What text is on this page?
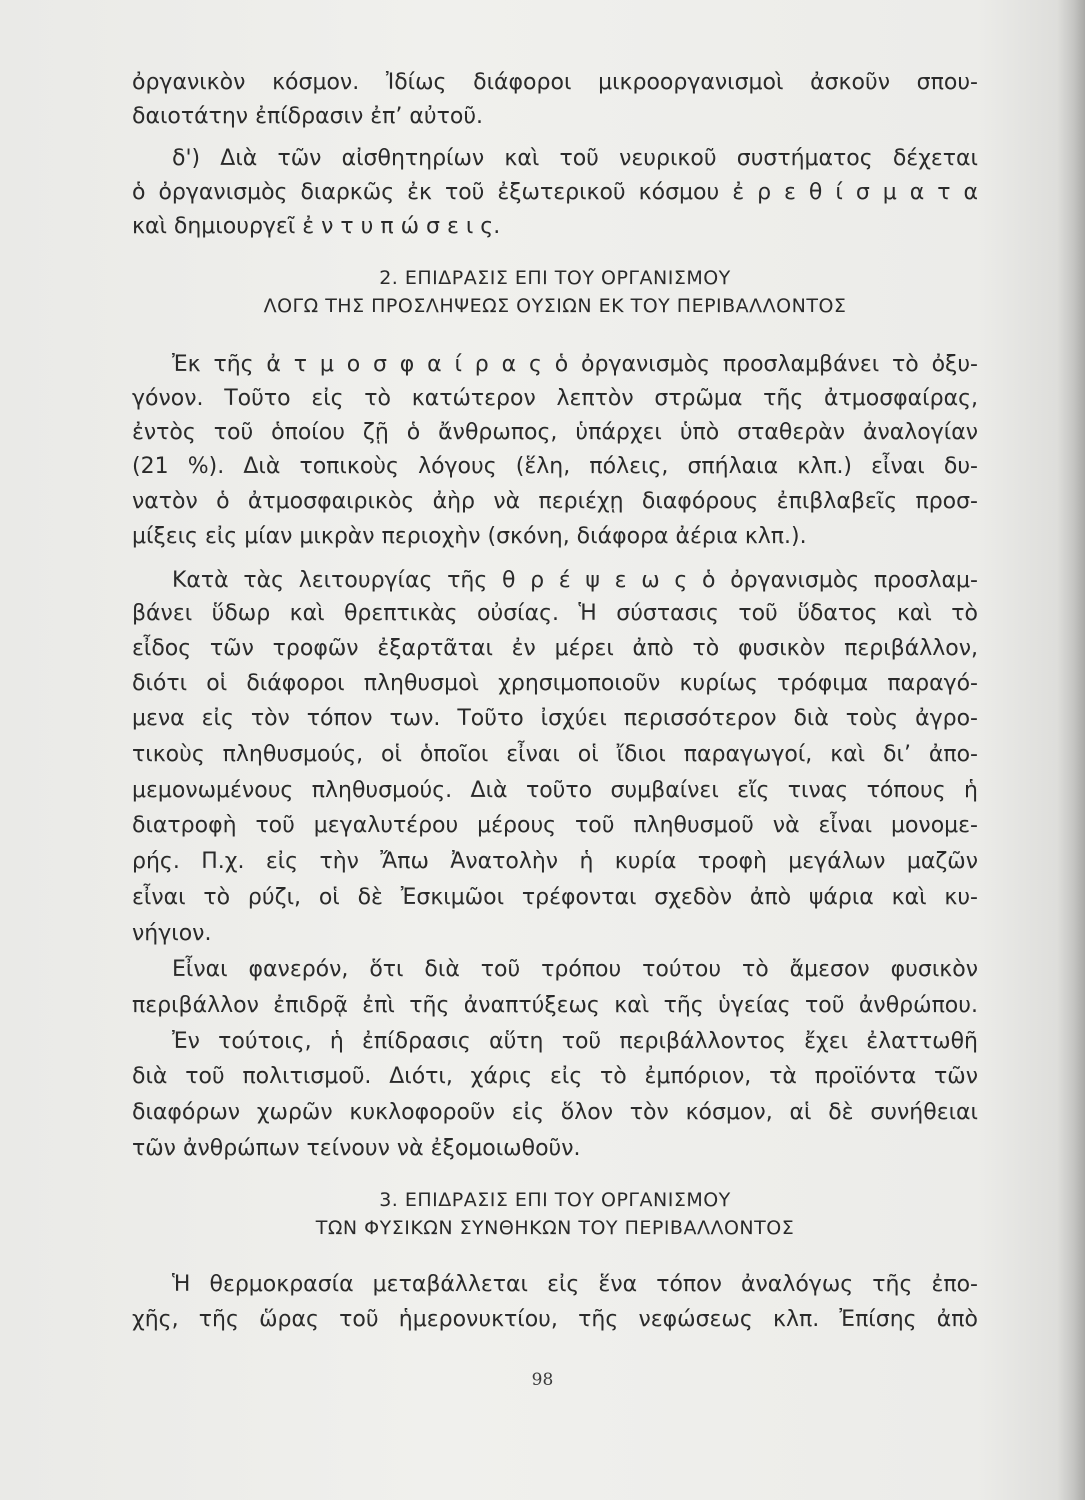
ὀργανικὸν κόσμον. Ἰδίως διάφοροι μικροοργανισμοὶ ἀσκοῦν σπου-
δαιοτάτην ἐπίδρασιν ἐπ’ αὐτοῦ.
δ') Διὰ τῶν αἰσθητηρίων καὶ τοῦ νευρικοῦ συστήματος δέχεται
ὁ ὀργανισμὸς διαρκῶς ἐκ τοῦ ἐξωτερικοῦ κόσμου ἐ ρ ε θ ί σ μ α τ α
καὶ δημιουργεῖ ἐ ν τ υ π ώ σ ε ι ς.
2. ΕΠΙΔΡΑΣΙΣ ΕΠΙ ΤΟΥ ΟΡΓΑΝΙΣΜΟΥ
ΛΟΓΩ ΤΗΣ ΠΡΟΣΛΗΨΕΩΣ ΟΥΣΙΩΝ ΕΚ ΤΟΥ ΠΕΡΙΒΑΛΛΟΝΤΟΣ
Ἐκ τῆς ἀ τ μ ο σ φ α ί ρ α ς ὁ ὀργανισμὸς προσλαμβάνει τὸ ὀξυ-
γόνον. Τοῦτο εἰς τὸ κατώτερον λεπτὸν στρῶμα τῆς ἀτμοσφαίρας,
ἐντὸς τοῦ ὁποίου ζῇ ὁ ἄνθρωπος, ὑπάρχει ὑπὸ σταθερὰν ἀναλογίαν
(21 %). Διὰ τοπικοὺς λόγους (ἕλη, πόλεις, σπήλαια κλπ.) εἶναι δυ-
νατὸν ὁ ἀτμοσφαιρικὸς ἀὴρ νὰ περιέχῃ διαφόρους ἐπιβλαβεῖς προσ-
μίξεις εἰς μίαν μικρὰν περιοχὴν (σκόνη, διάφορα ἀέρια κλπ.).
Κατὰ τὰς λειτουργίας τῆς θ ρ έ ψ ε ω ς ὁ ὀργανισμὸς προσλαμ-
βάνει ὕδωρ καὶ θρεπτικὰς οὐσίας. Ἡ σύστασις τοῦ ὕδατος καὶ τὸ
εἶδος τῶν τροφῶν ἐξαρτᾶται ἐν μέρει ἀπὸ τὸ φυσικὸν περιβάλλον,
διότι οἱ διάφοροι πληθυσμοὶ χρησιμοποιοῦν κυρίως τρόφιμα παραγό-
μενα εἰς τὸν τόπον των. Τοῦτο ἰσχύει περισσότερον διὰ τοὺς ἀγρο-
τικοὺς πληθυσμούς, οἱ ὁποῖοι εἶναι οἱ ἴδιοι παραγωγοί, καὶ δι’ ἀπο-
μεμονωμένους πληθυσμούς. Διὰ τοῦτο συμβαίνει εἴς τινας τόπους ἡ
διατροφὴ τοῦ μεγαλυτέρου μέρους τοῦ πληθυσμοῦ νὰ εἶναι μονομε-
ρής. Π.χ. εἰς τὴν Ἄπω Ἀνατολὴν ἡ κυρία τροφὴ μεγάλων μαζῶν
εἶναι τὸ ρύζι, οἱ δὲ Ἐσκιμῶοι τρέφονται σχεδὸν ἀπὸ ψάρια καὶ κυ-
νήγιον.
Εἶναι φανερόν, ὅτι διὰ τοῦ τρόπου τούτου τὸ ἄμεσον φυσικὸν
περιβάλλον ἐπιδρᾷ ἐπὶ τῆς ἀναπτύξεως καὶ τῆς ὑγείας τοῦ ἀνθρώπου.
Ἐν τούτοις, ἡ ἐπίδρασις αὕτη τοῦ περιβάλλοντος ἔχει ἐλαττωθῆ
διὰ τοῦ πολιτισμοῦ. Διότι, χάρις εἰς τὸ ἐμπόριον, τὰ προϊόντα τῶν
διαφόρων χωρῶν κυκλοφοροῦν εἰς ὅλον τὸν κόσμον, αἱ δὲ συνήθειαι
τῶν ἀνθρώπων τείνουν νὰ ἐξομοιωθοῦν.
3. ΕΠΙΔΡΑΣΙΣ ΕΠΙ ΤΟΥ ΟΡΓΑΝΙΣΜΟΥ
ΤΩΝ ΦΥΣΙΚΩΝ ΣΥΝΘΗΚΩΝ ΤΟΥ ΠΕΡΙΒΑΛΛΟΝΤΟΣ
Ἡ θερμοκρασία μεταβάλλεται εἰς ἕνα τόπον ἀναλόγως τῆς ἐπο-
χῆς, τῆς ὥρας τοῦ ἡμερονυκτίου, τῆς νεφώσεως κλπ. Ἐπίσης ἀπὸ
98
